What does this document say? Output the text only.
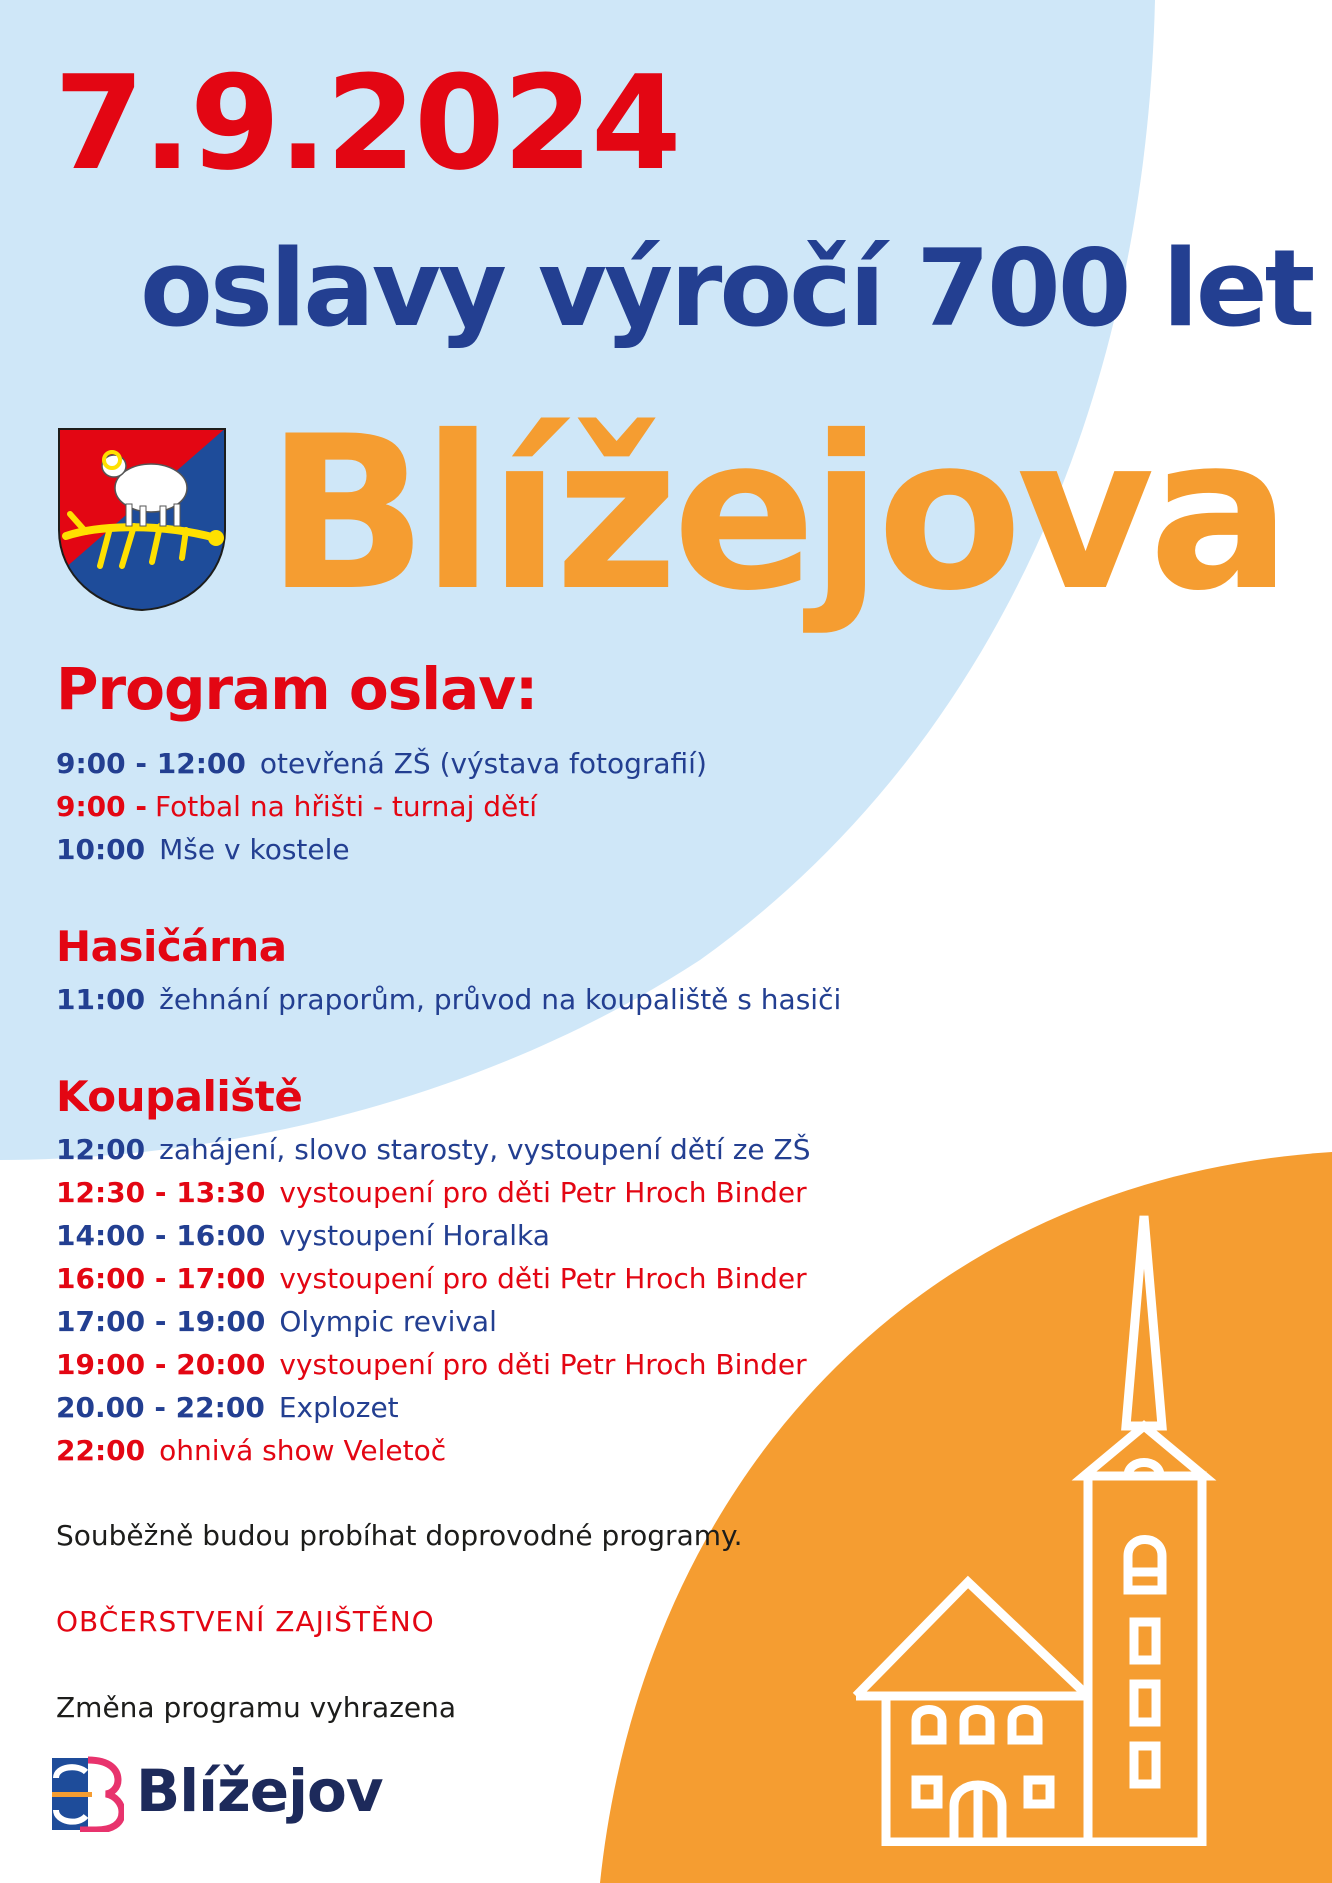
7.9.2024
oslavy výročí 700 let
Blížejova
Program oslav:
9:00 - 12:00 otevřená ZŠ (výstava fotografií)
9:00 - Fotbal na hřišti - turnaj dětí
10:00 Mše v kostele
Hasičárna
11:00 žehnání praporům, průvod na koupaliště s hasiči
Koupaliště
12:00 zahájení, slovo starosty, vystoupení dětí ze ZŠ
12:30 - 13:30 vystoupení pro děti Petr Hroch Binder
14:00 - 16:00 vystoupení Horalka
16:00 - 17:00 vystoupení pro děti Petr Hroch Binder
17:00 - 19:00 Olympic revival
19:00 - 20:00 vystoupení pro děti Petr Hroch Binder
20.00 - 22:00 Explozet
22:00 ohnivá show Veletoč
Souběžně budou probíhat doprovodné programy.
OBČERSTVENÍ ZAJIŠTĚNO
Změna programu vyhrazena
Blížejov
